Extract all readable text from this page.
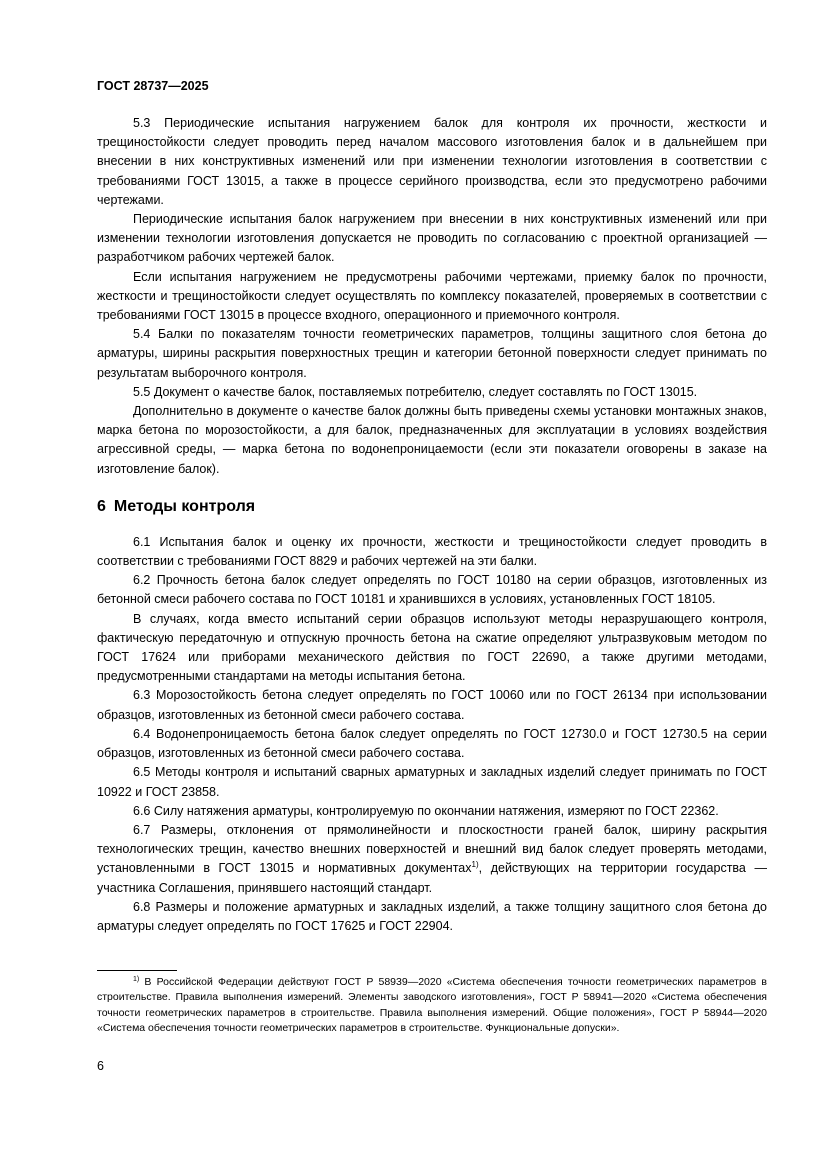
ГОСТ 28737—2025

5.3 Периодические испытания нагружением балок для контроля их прочности, жесткости и трещиностойкости следует проводить перед началом массового изготовления балок и в дальнейшем при внесении в них конструктивных изменений или при изменении технологии изготовления в соответствии с требованиями ГОСТ 13015, а также в процессе серийного производства, если это предусмотрено рабочими чертежами.

Периодические испытания балок нагружением при внесении в них конструктивных изменений или при изменении технологии изготовления допускается не проводить по согласованию с проектной организацией — разработчиком рабочих чертежей балок.

Если испытания нагружением не предусмотрены рабочими чертежами, приемку балок по прочности, жесткости и трещиностойкости следует осуществлять по комплексу показателей, проверяемых в соответствии с требованиями ГОСТ 13015 в процессе входного, операционного и приемочного контроля.

5.4 Балки по показателям точности геометрических параметров, толщины защитного слоя бетона до арматуры, ширины раскрытия поверхностных трещин и категории бетонной поверхности следует принимать по результатам выборочного контроля.

5.5 Документ о качестве балок, поставляемых потребителю, следует составлять по ГОСТ 13015.

Дополнительно в документе о качестве балок должны быть приведены схемы установки монтажных знаков, марка бетона по морозостойкости, а для балок, предназначенных для эксплуатации в условиях воздействия агрессивной среды, — марка бетона по водонепроницаемости (если эти показатели оговорены в заказе на изготовление балок).

6 Методы контроля

6.1 Испытания балок и оценку их прочности, жесткости и трещиностойкости следует проводить в соответствии с требованиями ГОСТ 8829 и рабочих чертежей на эти балки.

6.2 Прочность бетона балок следует определять по ГОСТ 10180 на серии образцов, изготовленных из бетонной смеси рабочего состава по ГОСТ 10181 и хранившихся в условиях, установленных ГОСТ 18105.

В случаях, когда вместо испытаний серии образцов используют методы неразрушающего контроля, фактическую передаточную и отпускную прочность бетона на сжатие определяют ультразвуковым методом по ГОСТ 17624 или приборами механического действия по ГОСТ 22690, а также другими методами, предусмотренными стандартами на методы испытания бетона.

6.3 Морозостойкость бетона следует определять по ГОСТ 10060 или по ГОСТ 26134 при использовании образцов, изготовленных из бетонной смеси рабочего состава.

6.4 Водонепроницаемость бетона балок следует определять по ГОСТ 12730.0 и ГОСТ 12730.5 на серии образцов, изготовленных из бетонной смеси рабочего состава.

6.5 Методы контроля и испытаний сварных арматурных и закладных изделий следует принимать по ГОСТ 10922 и ГОСТ 23858.

6.6 Силу натяжения арматуры, контролируемую по окончании натяжения, измеряют по ГОСТ 22362.

6.7 Размеры, отклонения от прямолинейности и плоскостности граней балок, ширину раскрытия технологических трещин, качество внешних поверхностей и внешний вид балок следует проверять методами, установленными в ГОСТ 13015 и нормативных документах$^{1)}$, действующих на территории государства — участника Соглашения, принявшего настоящий стандарт.

6.8 Размеры и положение арматурных и закладных изделий, а также толщину защитного слоя бетона до арматуры следует определять по ГОСТ 17625 и ГОСТ 22904.

$^{1)}$ В Российской Федерации действуют ГОСТ Р 58939—2020 «Система обеспечения точности геометрических параметров в строительстве. Правила выполнения измерений. Элементы заводского изготовления», ГОСТ Р 58941—2020 «Система обеспечения точности геометрических параметров в строительстве. Правила выполнения измерений. Общие положения», ГОСТ Р 58944—2020 «Система обеспечения точности геометрических параметров в строительстве. Функциональные допуски».

6
